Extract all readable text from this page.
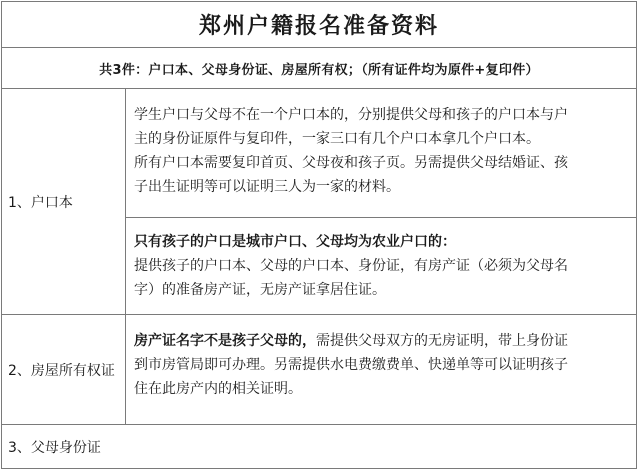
郑州户籍报名准备资料
共3件：户口本、父母身份证、房屋所有权；（所有证件均为原件+复印件）
1、户口本

学生户口与父母不在一个户口本的，分别提供父母和孩子的户口本与户

主的身份证原件与复印件，一家三口有几个户口本拿几个户口本。

所有户口本需要复印首页、父母夜和孩子页。另需提供父母结婚证、孩

子出生证明等可以证明三人为一家的材料。

只有孩子的户口是城市户口、父母均为农业户口的：

提供孩子的户口本、父母的户口本、身份证，有房产证（必须为父母名

字）的准备房产证，无房产证拿居住证。

2、房屋所有权证

房产证名字不是孩子父母的，需提供父母双方的无房证明，带上身份证

到市房管局即可办理。另需提供水电费缴费单、快递单等可以证明孩子

住在此房产内的相关证明。

3、父母身份证
